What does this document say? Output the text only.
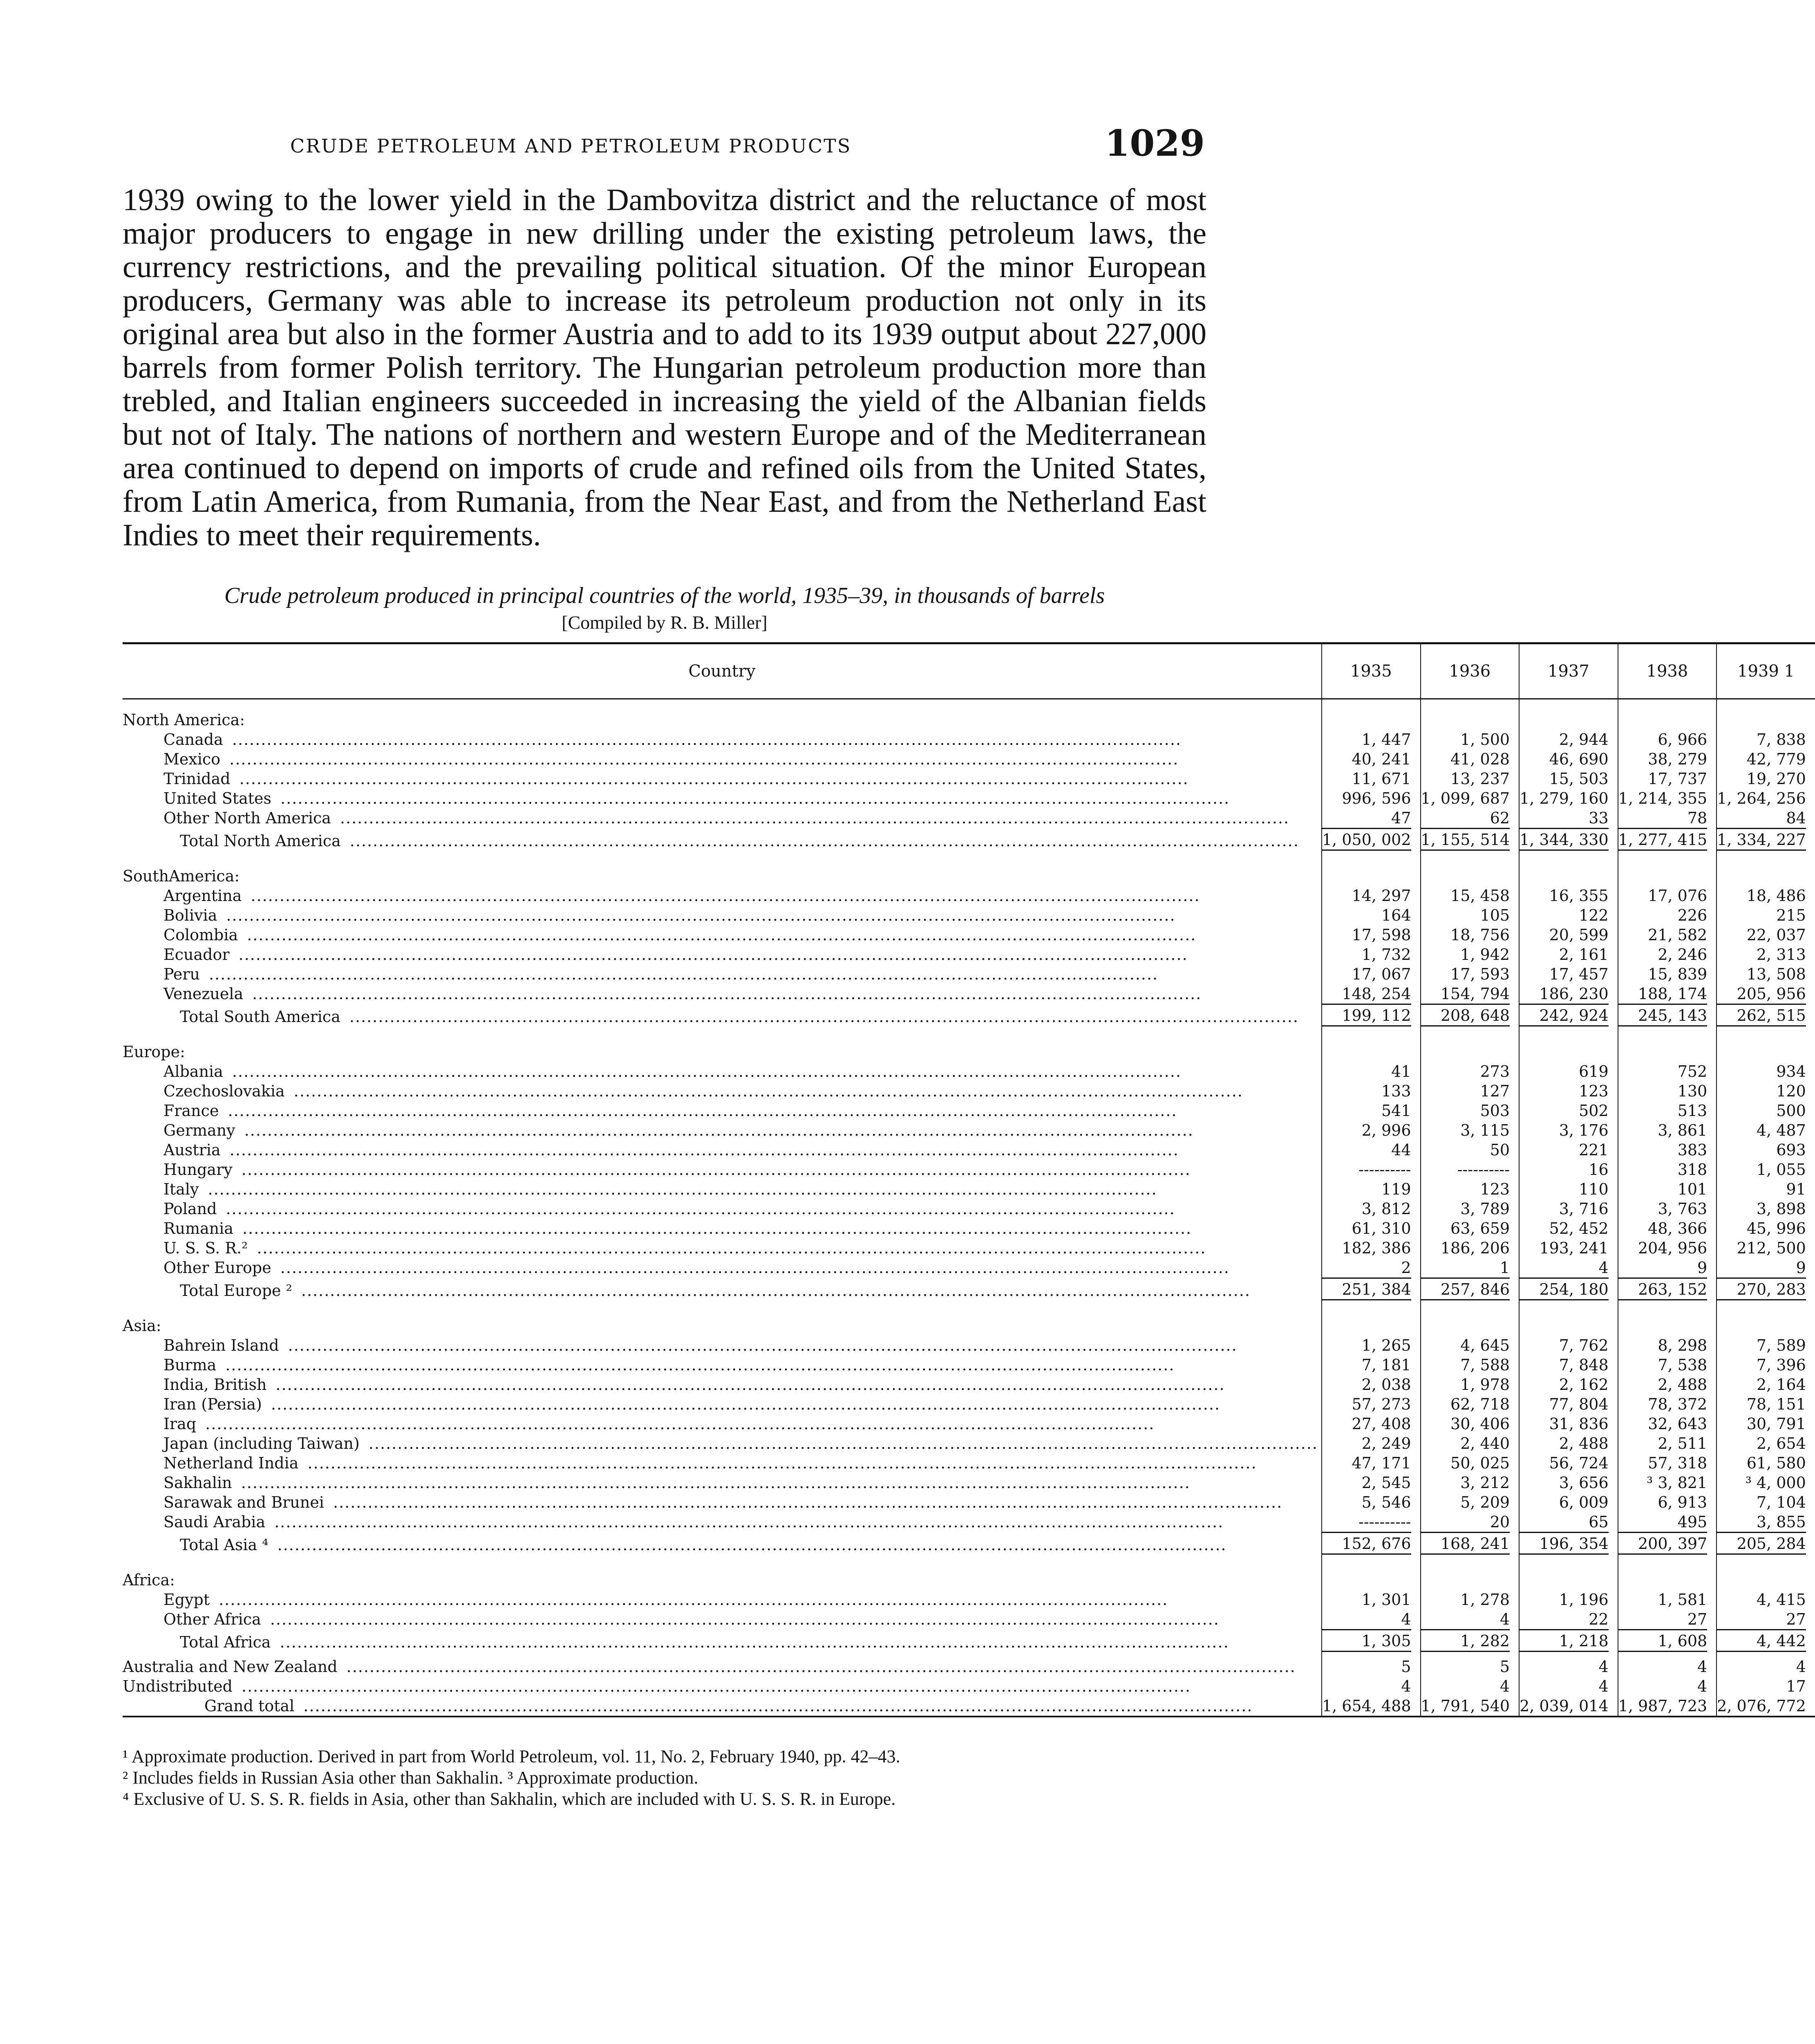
CRUDE PETROLEUM AND PETROLEUM PRODUCTS	1029

1939 owing to the lower yield in the Dambovitza district and the reluctance of most major producers to engage in new drilling under the existing petroleum laws, the currency restrictions, and the prevailing political situation. Of the minor European producers, Germany was able to increase its petroleum production not only in its original area but also in the former Austria and to add to its 1939 output about 227,000 barrels from former Polish territory. The Hungarian petroleum production more than trebled, and Italian engineers succeeded in increasing the yield of the Albanian fields but not of Italy. The nations of northern and western Europe and of the Mediterranean area continued to depend on imports of crude and refined oils from the United States, from Latin America, from Rumania, from the Near East, and from the Netherland East Indies to meet their requirements.

Crude petroleum produced in principal countries of the world, 1935–39, in thousands of barrels
[Compiled by R. B. Miller]
Country	1935	1936	1937	1938	1939 1
North America:					
Canada .....	1, 447	1, 500	2, 944	6, 966	7, 838
Mexico .....	40, 241	41, 028	46, 690	38, 279	42, 779
Trinidad .....	11, 671	13, 237	15, 503	17, 737	19, 270
United States .....	996, 596	1, 099, 687	1, 279, 160	1, 214, 355	1, 264, 256
Other North America .....	47	62	33	78	84
Total North America .....	1, 050, 002	1, 155, 514	1, 344, 330	1, 277, 415	1, 334, 227

SouthAmerica:					
Argentina .....	14, 297	15, 458	16, 355	17, 076	18, 486
Bolivia .....	164	105	122	226	215
Colombia .....	17, 598	18, 756	20, 599	21, 582	22, 037
Ecuador .....	1, 732	1, 942	2, 161	2, 246	2, 313
Peru .....	17, 067	17, 593	17, 457	15, 839	13, 508
Venezuela .....	148, 254	154, 794	186, 230	188, 174	205, 956
Total South America .....	199, 112	208, 648	242, 924	245, 143	262, 515

Europe:					
Albania .....	41	273	619	752	934
Czechoslovakia .....	133	127	123	130	120
France .....	541	503	502	513	500
Germany .....	2, 996	3, 115	3, 176	3, 861	4, 487
Austria .....	44	50	221	383	693
Hungary .....	----------	----------	16	318	1, 055
Italy .....	119	123	110	101	91
Poland .....	3, 812	3, 789	3, 716	3, 763	3, 898
Rumania .....	61, 310	63, 659	52, 452	48, 366	45, 996
U. S. S. R.² .....	182, 386	186, 206	193, 241	204, 956	212, 500
Other Europe .....	2	1	4	9	9
Total Europe ² .....	251, 384	257, 846	254, 180	263, 152	270, 283

Asia:					
Bahrein Island .....	1, 265	4, 645	7, 762	8, 298	7, 589
Burma .....	7, 181	7, 588	7, 848	7, 538	7, 396
India, British .....	2, 038	1, 978	2, 162	2, 488	2, 164
Iran (Persia) .....	57, 273	62, 718	77, 804	78, 372	78, 151
Iraq .....	27, 408	30, 406	31, 836	32, 643	30, 791
Japan (including Taiwan) .....	2, 249	2, 440	2, 488	2, 511	2, 654
Netherland India .....	47, 171	50, 025	56, 724	57, 318	61, 580
Sakhalin .....	2, 545	3, 212	3, 656	³ 3, 821	³ 4, 000
Sarawak and Brunei .....	5, 546	5, 209	6, 009	6, 913	7, 104
Saudi Arabia .....	----------	20	65	495	3, 855
Total Asia ⁴ .....	152, 676	168, 241	196, 354	200, 397	205, 284

Africa:					
Egypt .....	1, 301	1, 278	1, 196	1, 581	4, 415
Other Africa .....	4	4	22	27	27
Total Africa .....	1, 305	1, 282	1, 218	1, 608	4, 442

Australia and New Zealand .....	5	5	4	4	4
Undistributed .....	4	4	4	4	17
Grand total .....	1, 654, 488	1, 791, 540	2, 039, 014	1, 987, 723	2, 076, 772

¹ Approximate production. Derived in part from World Petroleum, vol. 11, No. 2, February 1940, pp. 42–43.

² Includes fields in Russian Asia other than Sakhalin. ³ Approximate production.

⁴ Exclusive of U. S. S. R. fields in Asia, other than Sakhalin, which are included with U. S. S. R. in Europe.
